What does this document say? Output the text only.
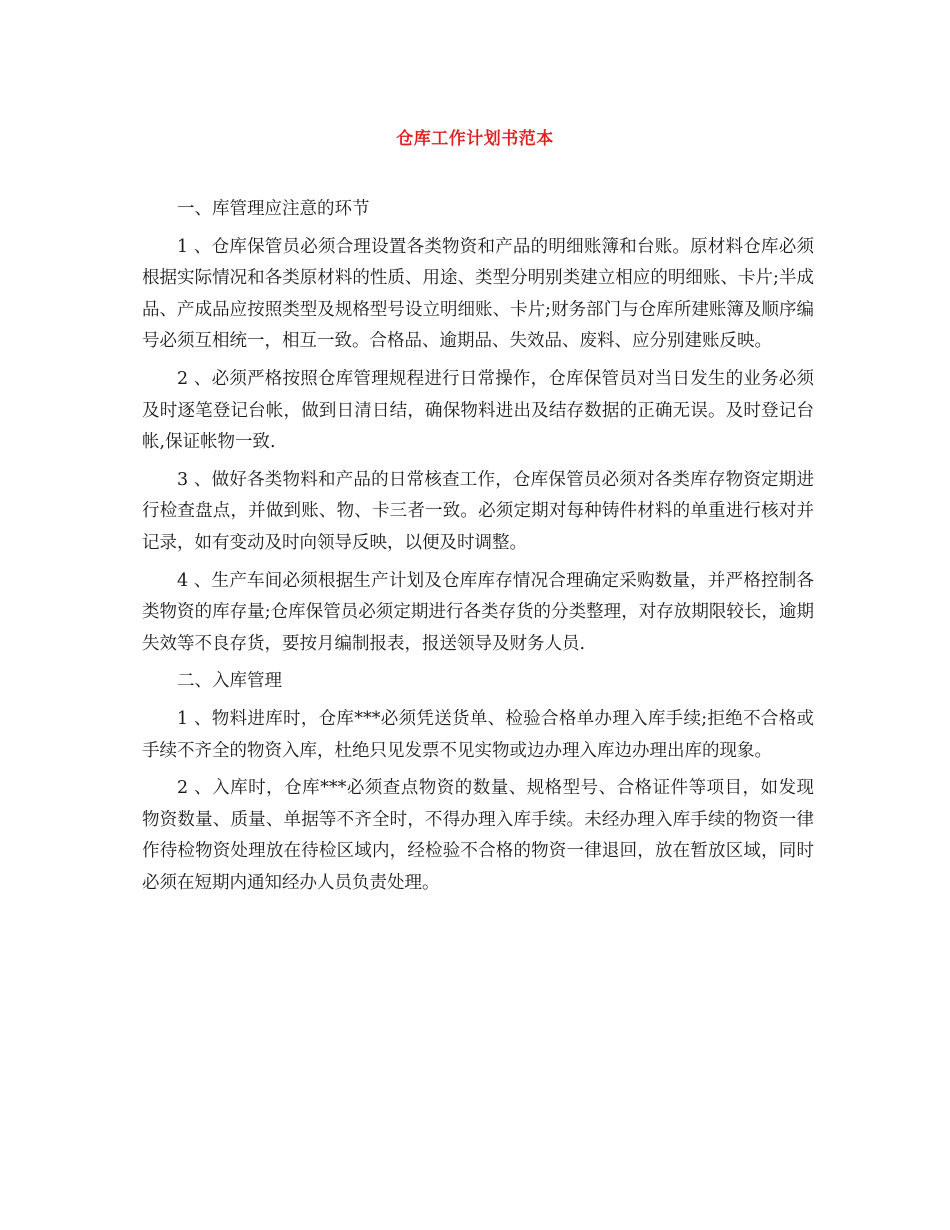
仓库工作计划书范本

一、库管理应注意的环节

1 、仓库保管员必须合理设置各类物资和产品的明细账簿和台账。原材料仓库必须根据实际情况和各类原材料的性质、用途、类型分明别类建立相应的明细账、卡片;半成品、产成品应按照类型及规格型号设立明细账、卡片;财务部门与仓库所建账簿及顺序编号必须互相统一，相互一致。合格品、逾期品、失效品、废料、应分别建账反映。

2 、必须严格按照仓库管理规程进行日常操作，仓库保管员对当日发生的业务必须及时逐笔登记台帐，做到日清日结，确保物料进出及结存数据的正确无误。及时登记台帐,保证帐物一致.

3 、做好各类物料和产品的日常核查工作，仓库保管员必须对各类库存物资定期进行检查盘点，并做到账、物、卡三者一致。必须定期对每种铸件材料的单重进行核对并记录，如有变动及时向领导反映，以便及时调整。

4 、生产车间必须根据生产计划及仓库库存情况合理确定采购数量，并严格控制各类物资的库存量;仓库保管员必须定期进行各类存货的分类整理，对存放期限较长，逾期失效等不良存货，要按月编制报表，报送领导及财务人员.

二、入库管理

1 、物料进库时，仓库***必须凭送货单、检验合格单办理入库手续;拒绝不合格或手续不齐全的物资入库，杜绝只见发票不见实物或边办理入库边办理出库的现象。

2 、入库时，仓库***必须查点物资的数量、规格型号、合格证件等项目，如发现物资数量、质量、单据等不齐全时，不得办理入库手续。未经办理入库手续的物资一律作待检物资处理放在待检区域内，经检验不合格的物资一律退回，放在暂放区域，同时必须在短期内通知经办人员负责处理。
